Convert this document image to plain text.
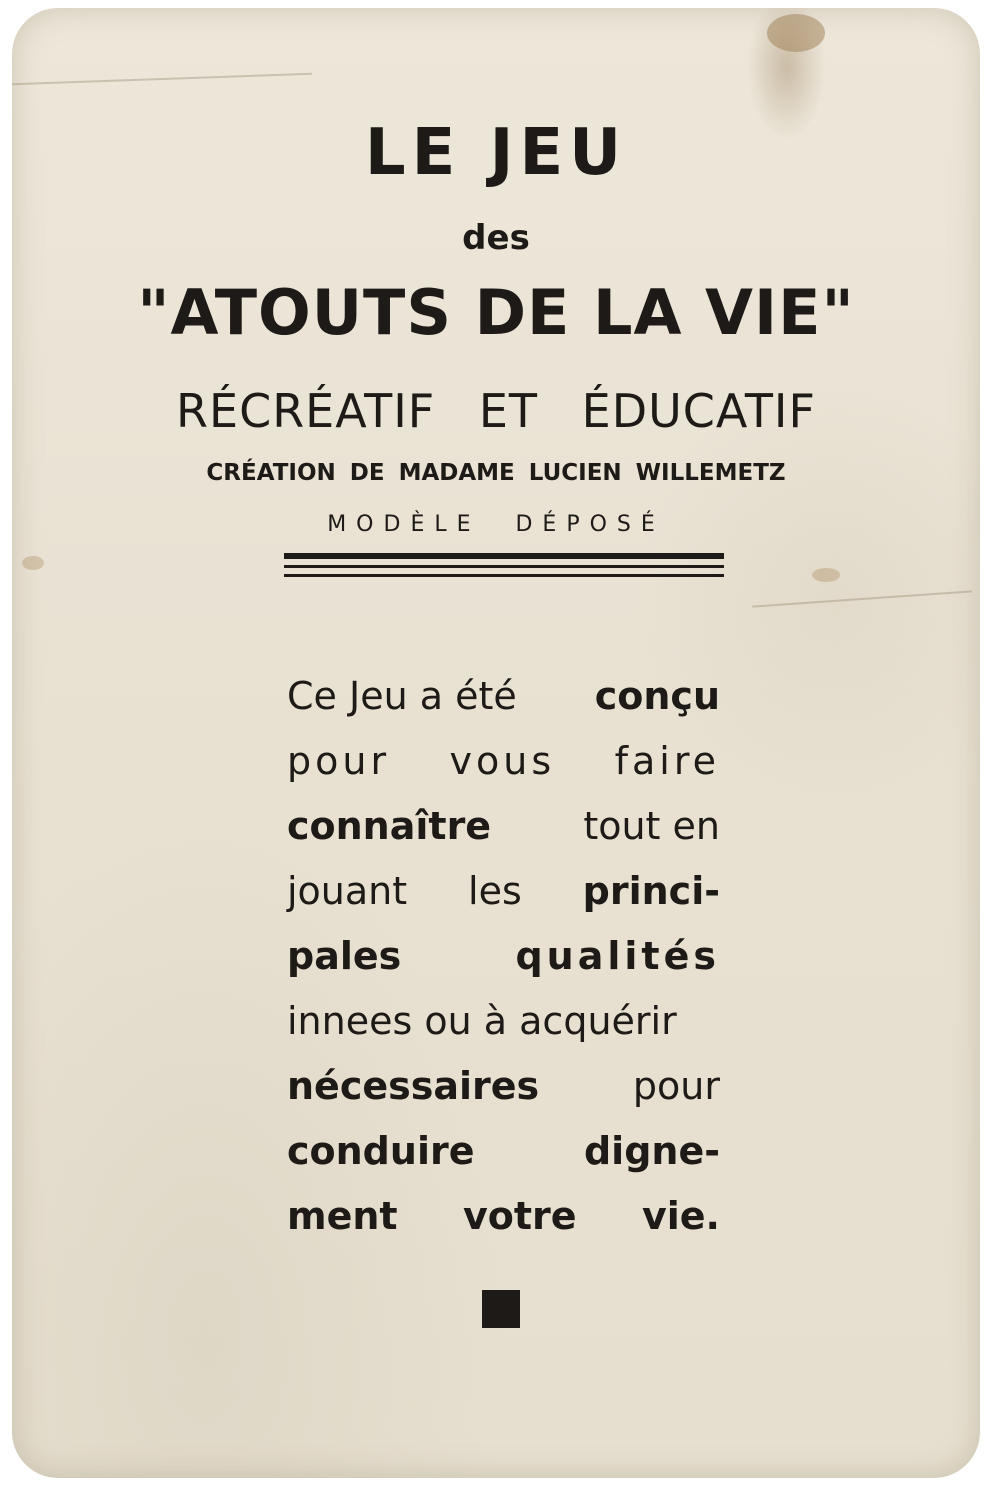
LE JEU
des
"ATOUTS DE LA VIE"
RÉCRÉATIF ET ÉDUCATIF
CRÉATION DE MADAME LUCIEN WILLEMETZ
MODÈLE DÉPOSÉ
Ce Jeu a été conçu
pour vous faire
connaître tout en
jouant les princi-
pales	qualités
innees ou à acquérir
nécessaires pour
conduire	digne-
ment votre vie.
